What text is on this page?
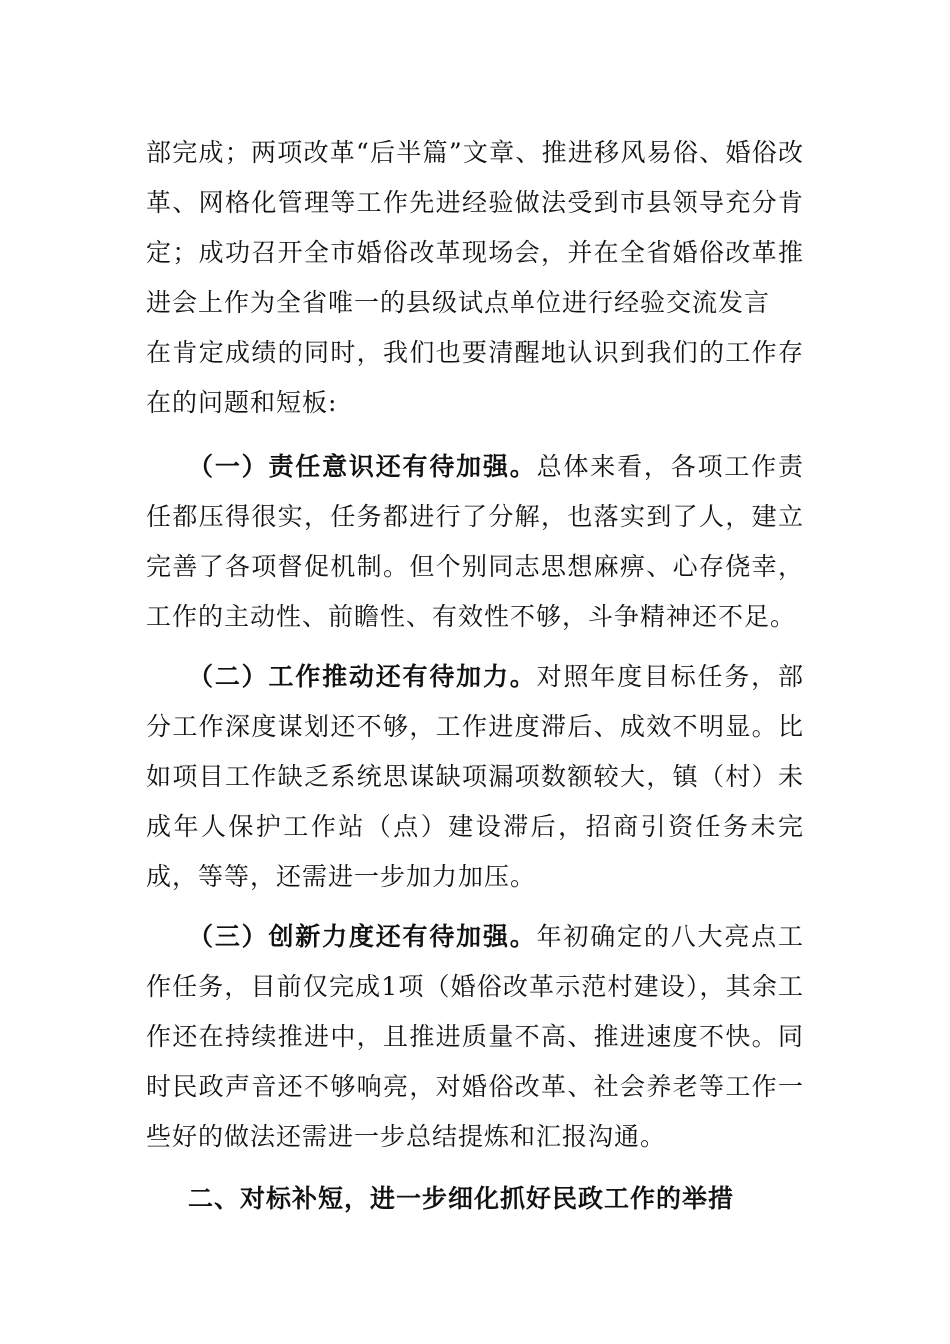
部完成；两项改革“后半篇”文章、推进移风易俗、婚俗改革、网格化管理等工作先进经验做法受到市县领导充分肯定；成功召开全市婚俗改革现场会，并在全省婚俗改革推进会上作为全省唯一的县级试点单位进行经验交流发言

在肯定成绩的同时，我们也要清醒地认识到我们的工作存在的问题和短板:

（一）责任意识还有待加强。总体来看，各项工作责任都压得很实，任务都进行了分解，也落实到了人，建立完善了各项督促机制。但个别同志思想麻痹、心存侥幸，工作的主动性、前瞻性、有效性不够，斗争精神还不足。

（二）工作推动还有待加力。对照年度目标任务，部分工作深度谋划还不够，工作进度滞后、成效不明显。比如项目工作缺乏系统思谋缺项漏项数额较大，镇（村）未成年人保护工作站（点）建设滞后，招商引资任务未完成，等等，还需进一步加力加压。

（三）创新力度还有待加强。年初确定的八大亮点工作任务，目前仅完成1项（婚俗改革示范村建设），其余工作还在持续推进中，且推进质量不高、推进速度不快。同时民政声音还不够响亮，对婚俗改革、社会养老等工作一些好的做法还需进一步总结提炼和汇报沟通。

二、对标补短，进一步细化抓好民政工作的举措
